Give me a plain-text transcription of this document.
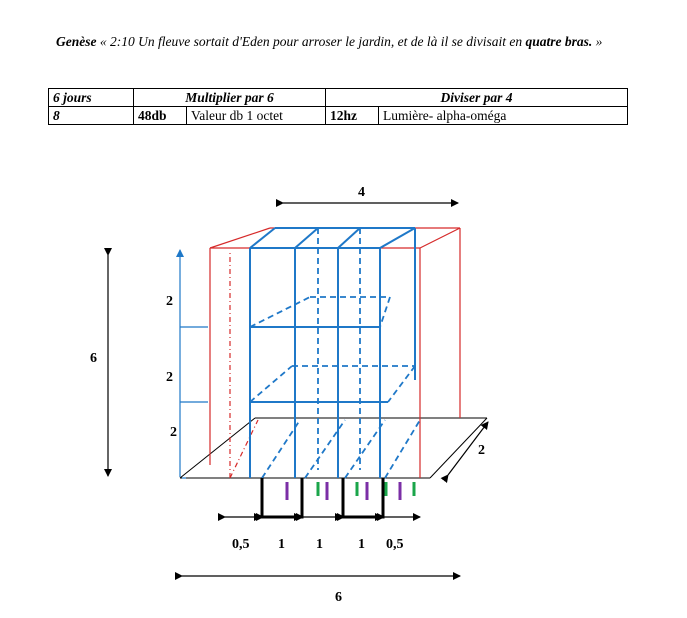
Genèse « 2:10 Un fleuve sortait d'Eden pour arroser le jardin, et de là il se divisait en quatre bras. »
6 jours	Multiplier par 6		Diviser par 4	
8	48db	Valeur db 1 octet	12hz	Lumière- alpha-oméga
4
6
2
2
2
2
0,5 1 1	1 0,5
6
